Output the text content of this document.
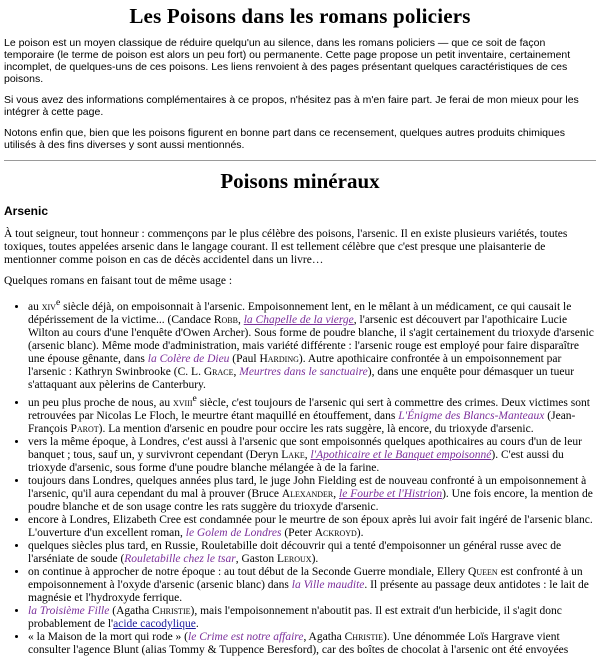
Les Poisons dans les romans policiers

Le poison est un moyen classique de réduire quelqu'un au silence, dans les romans policiers — que ce soit de façon temporaire (le terme de poison est alors un peu fort) ou permanente. Cette page propose un petit inventaire, certainement incomplet, de quelques-uns de ces poisons. Les liens renvoient à des pages présentant quelques caractéristiques de ces poisons.

Si vous avez des informations complémentaires à ce propos, n'hésitez pas à m'en faire part. Je ferai de mon mieux pour les intégrer à cette page.

Notons enfin que, bien que les poisons figurent en bonne part dans ce recensement, quelques autres produits chimiques utilisés à des fins diverses y sont aussi mentionnés.

Poisons minéraux
Arsenic

À tout seigneur, tout honneur : commençons par le plus célèbre des poisons, l'arsenic. Il en existe plusieurs variétés, toutes toxiques, toutes appelées arsenic dans le langage courant. Il est tellement célèbre que c'est presque une plaisanterie de mentionner comme poison en cas de décès accidentel dans un livre…

Quelques romans en faisant tout de même usage :

• au xiv$^e$ siècle déjà, on empoisonnait à l'arsenic. Empoisonnement lent, en le mêlant à un médicament, ce qui causait le dépérissement de la victime... (Candace Robb, la Chapelle de la vierge, l'arsenic est découvert par l'apothicaire Lucie Wilton au cours d'une l'enquête d'Owen Archer). Sous forme de poudre blanche, il s'agit certainement du trioxyde d'arsenic (arsenic blanc). Même mode d'administration, mais variété différente : l'arsenic rouge est employé pour faire disparaître une épouse gênante, dans la Colère de Dieu (Paul Harding). Autre apothicaire confrontée à un empoisonnement par l'arsenic : Kathryn Swinbrooke (C. L. Grace, Meurtres dans le sanctuaire), dans une enquête pour démasquer un tueur s'attaquant aux pèlerins de Canterbury.
• un peu plus proche de nous, au xviii$^e$ siècle, c'est toujours de l'arsenic qui sert à commettre des crimes. Deux victimes sont retrouvées par Nicolas Le Floch, le meurtre étant maquillé en étouffement, dans L'Énigme des Blancs-Manteaux (Jean-François Parot). La mention d'arsenic en poudre pour occire les rats suggère, là encore, du trioxyde d'arsenic.
• vers la même époque, à Londres, c'est aussi à l'arsenic que sont empoisonnés quelques apothicaires au cours d'un de leur banquet ; tous, sauf un, y survivront cependant (Deryn Lake, l'Apothicaire et le Banquet empoisonné). C'est aussi du trioxyde d'arsenic, sous forme d'une poudre blanche mélangée à de la farine.
• toujours dans Londres, quelques années plus tard, le juge John Fielding est de nouveau confronté à un empoisonnement à l'arsenic, qu'il aura cependant du mal à prouver (Bruce Alexander, le Fourbe et l'Histrion). Une fois encore, la mention de poudre blanche et de son usage contre les rats suggère du trioxyde d'arsenic.
• encore à Londres, Elizabeth Cree est condamnée pour le meurtre de son époux après lui avoir fait ingéré de l'arsenic blanc. L'ouverture d'un excellent roman, le Golem de Londres (Peter Ackroyd).
• quelques siècles plus tard, en Russie, Rouletabille doit découvrir qui a tenté d'empoisonner un général russe avec de l'arséniate de soude (Rouletabille chez le tsar, Gaston Leroux).
• on continue à approcher de notre époque : au tout début de la Seconde Guerre mondiale, Ellery Queen est confronté à un empoisonnement à l'oxyde d'arsenic (arsenic blanc) dans la Ville maudite. Il présente au passage deux antidotes : le lait de magnésie et l'hydroxyde ferrique.
• la Troisième Fille (Agatha Christie), mais l'empoisonnement n'aboutit pas. Il est extrait d'un herbicide, il s'agit donc probablement de l'acide cacodylique.
• « la Maison de la mort qui rode » (le Crime est notre affaire, Agatha Christie). Une dénommée Loïs Hargrave vient consulter l'agence Blunt (alias Tommy & Tuppence Beresford), car des boîtes de chocolat à l'arsenic ont été envoyées
